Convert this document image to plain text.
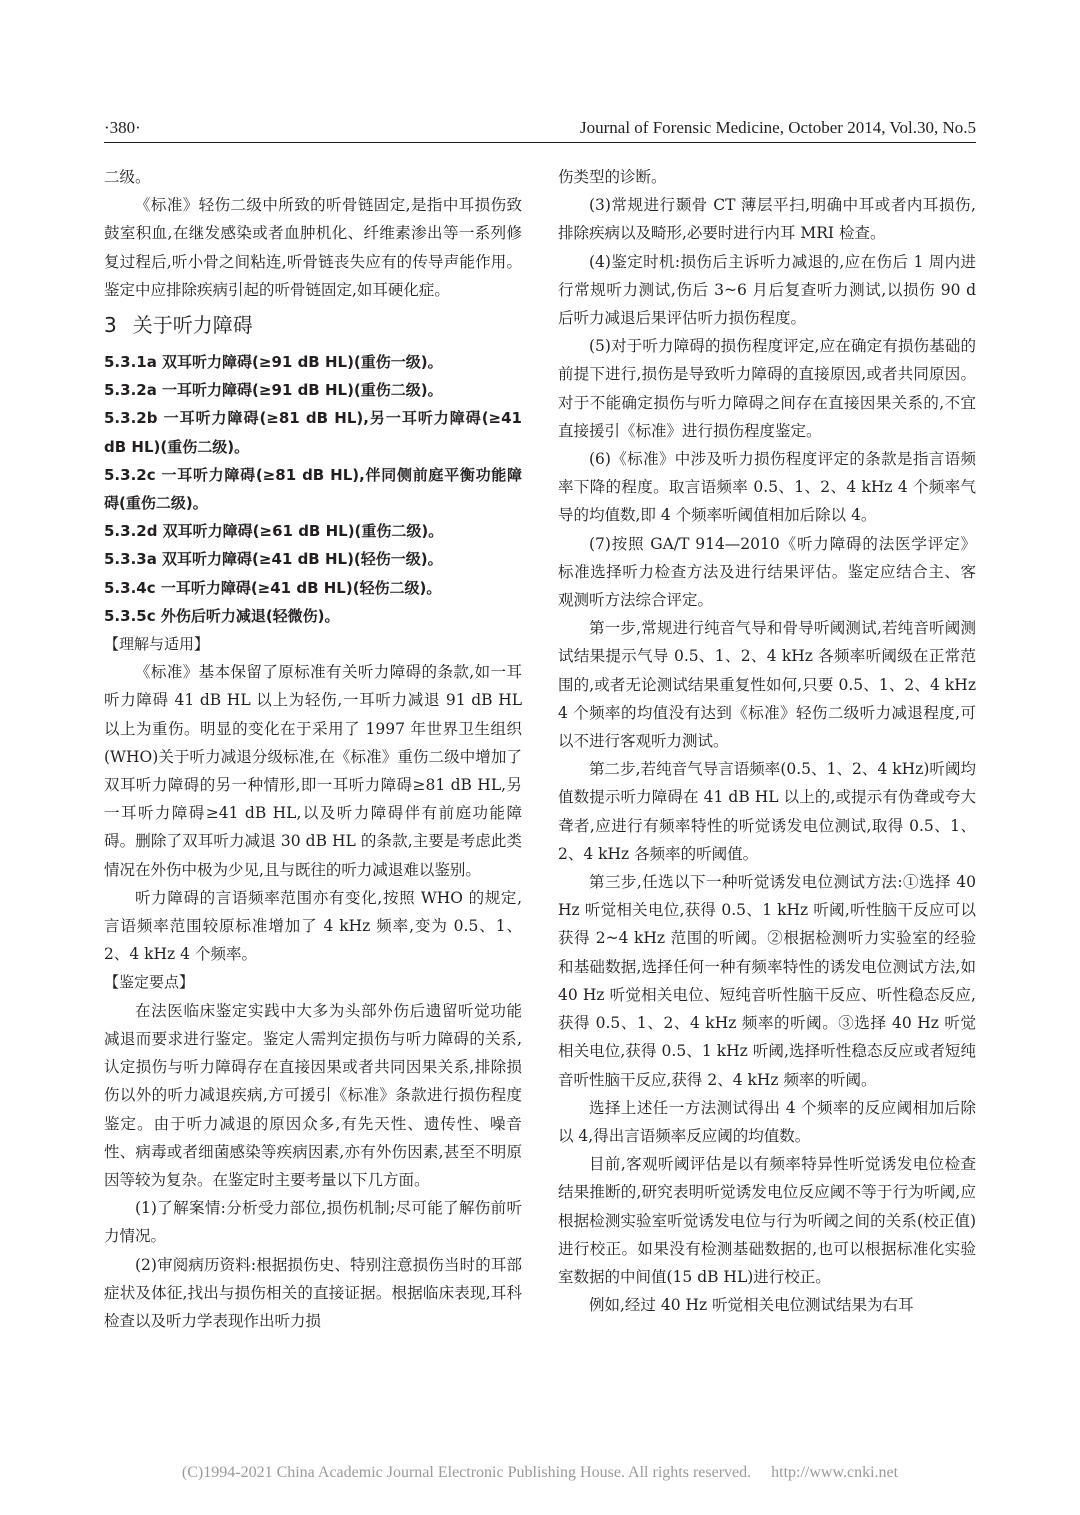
·380·	Journal of Forensic Medicine, October 2014, Vol.30, No.5

二级。

《标准》轻伤二级中所致的听骨链固定,是指中耳损伤致鼓室积血,在继发感染或者血肿机化、纤维素渗出等一系列修复过程后,听小骨之间粘连,听骨链丧失应有的传导声能作用。鉴定中应排除疾病引起的听骨链固定,如耳硬化症。

3 关于听力障碍

5.3.1a 双耳听力障碍(≥91 dB HL)(重伤一级)。

5.3.2a 一耳听力障碍(≥91 dB HL)(重伤二级)。

5.3.2b 一耳听力障碍(≥81 dB HL),另一耳听力障碍(≥41 dB HL)(重伤二级)。

5.3.2c 一耳听力障碍(≥81 dB HL),伴同侧前庭平衡功能障碍(重伤二级)。

5.3.2d 双耳听力障碍(≥61 dB HL)(重伤二级)。

5.3.3a 双耳听力障碍(≥41 dB HL)(轻伤一级)。

5.3.4c 一耳听力障碍(≥41 dB HL)(轻伤二级)。

5.3.5c 外伤后听力减退(轻微伤)。

【理解与适用】

《标准》基本保留了原标准有关听力障碍的条款,如一耳听力障碍 41 dB HL 以上为轻伤,一耳听力减退 91 dB HL 以上为重伤。明显的变化在于采用了 1997 年世界卫生组织(WHO)关于听力减退分级标准,在《标准》重伤二级中增加了双耳听力障碍的另一种情形,即一耳听力障碍≥81 dB HL,另一耳听力障碍≥41 dB HL,以及听力障碍伴有前庭功能障碍。删除了双耳听力减退 30 dB HL 的条款,主要是考虑此类情况在外伤中极为少见,且与既往的听力减退难以鉴别。

听力障碍的言语频率范围亦有变化,按照 WHO 的规定,言语频率范围较原标准增加了 4 kHz 频率,变为 0.5、1、2、4 kHz 4 个频率。

【鉴定要点】

在法医临床鉴定实践中大多为头部外伤后遗留听觉功能减退而要求进行鉴定。鉴定人需判定损伤与听力障碍的关系,认定损伤与听力障碍存在直接因果或者共同因果关系,排除损伤以外的听力减退疾病,方可援引《标准》条款进行损伤程度鉴定。由于听力减退的原因众多,有先天性、遗传性、噪音性、病毒或者细菌感染等疾病因素,亦有外伤因素,甚至不明原因等较为复杂。在鉴定时主要考量以下几方面。

(1)了解案情:分析受力部位,损伤机制;尽可能了解伤前听力情况。

(2)审阅病历资料:根据损伤史、特别注意损伤当时的耳部症状及体征,找出与损伤相关的直接证据。根据临床表现,耳科检查以及听力学表现作出听力损

伤类型的诊断。

(3)常规进行颞骨 CT 薄层平扫,明确中耳或者内耳损伤,排除疾病以及畸形,必要时进行内耳 MRI 检查。

(4)鉴定时机:损伤后主诉听力减退的,应在伤后 1 周内进行常规听力测试,伤后 3~6 月后复查听力测试,以损伤 90 d 后听力减退后果评估听力损伤程度。

(5)对于听力障碍的损伤程度评定,应在确定有损伤基础的前提下进行,损伤是导致听力障碍的直接原因,或者共同原因。对于不能确定损伤与听力障碍之间存在直接因果关系的,不宜直接援引《标准》进行损伤程度鉴定。

(6)《标准》中涉及听力损伤程度评定的条款是指言语频率下降的程度。取言语频率 0.5、1、2、4 kHz 4 个频率气导的均值数,即 4 个频率听阈值相加后除以 4。

(7)按照 GA/T 914—2010《听力障碍的法医学评定》标准选择听力检查方法及进行结果评估。鉴定应结合主、客观测听方法综合评定。

第一步,常规进行纯音气导和骨导听阈测试,若纯音听阈测试结果提示气导 0.5、1、2、4 kHz 各频率听阈级在正常范围的,或者无论测试结果重复性如何,只要 0.5、1、2、4 kHz 4 个频率的均值没有达到《标准》轻伤二级听力减退程度,可以不进行客观听力测试。

第二步,若纯音气导言语频率(0.5、1、2、4 kHz)听阈均值数提示听力障碍在 41 dB HL 以上的,或提示有伪聋或夸大聋者,应进行有频率特性的听觉诱发电位测试,取得 0.5、1、2、4 kHz 各频率的听阈值。

第三步,任选以下一种听觉诱发电位测试方法:①选择 40 Hz 听觉相关电位,获得 0.5、1 kHz 听阈,听性脑干反应可以获得 2~4 kHz 范围的听阈。②根据检测听力实验室的经验和基础数据,选择任何一种有频率特性的诱发电位测试方法,如 40 Hz 听觉相关电位、短纯音听性脑干反应、听性稳态反应,获得 0.5、1、2、4 kHz 频率的听阈。③选择 40 Hz 听觉相关电位,获得 0.5、1 kHz 听阈,选择听性稳态反应或者短纯音听性脑干反应,获得 2、4 kHz 频率的听阈。

选择上述任一方法测试得出 4 个频率的反应阈相加后除以 4,得出言语频率反应阈的均值数。

目前,客观听阈评估是以有频率特异性听觉诱发电位检查结果推断的,研究表明听觉诱发电位反应阈不等于行为听阈,应根据检测实验室听觉诱发电位与行为听阈之间的关系(校正值)进行校正。如果没有检测基础数据的,也可以根据标准化实验室数据的中间值(15 dB HL)进行校正。

例如,经过 40 Hz 听觉相关电位测试结果为右耳

(C)1994-2021 China Academic Journal Electronic Publishing House. All rights reserved. http://www.cnki.net
